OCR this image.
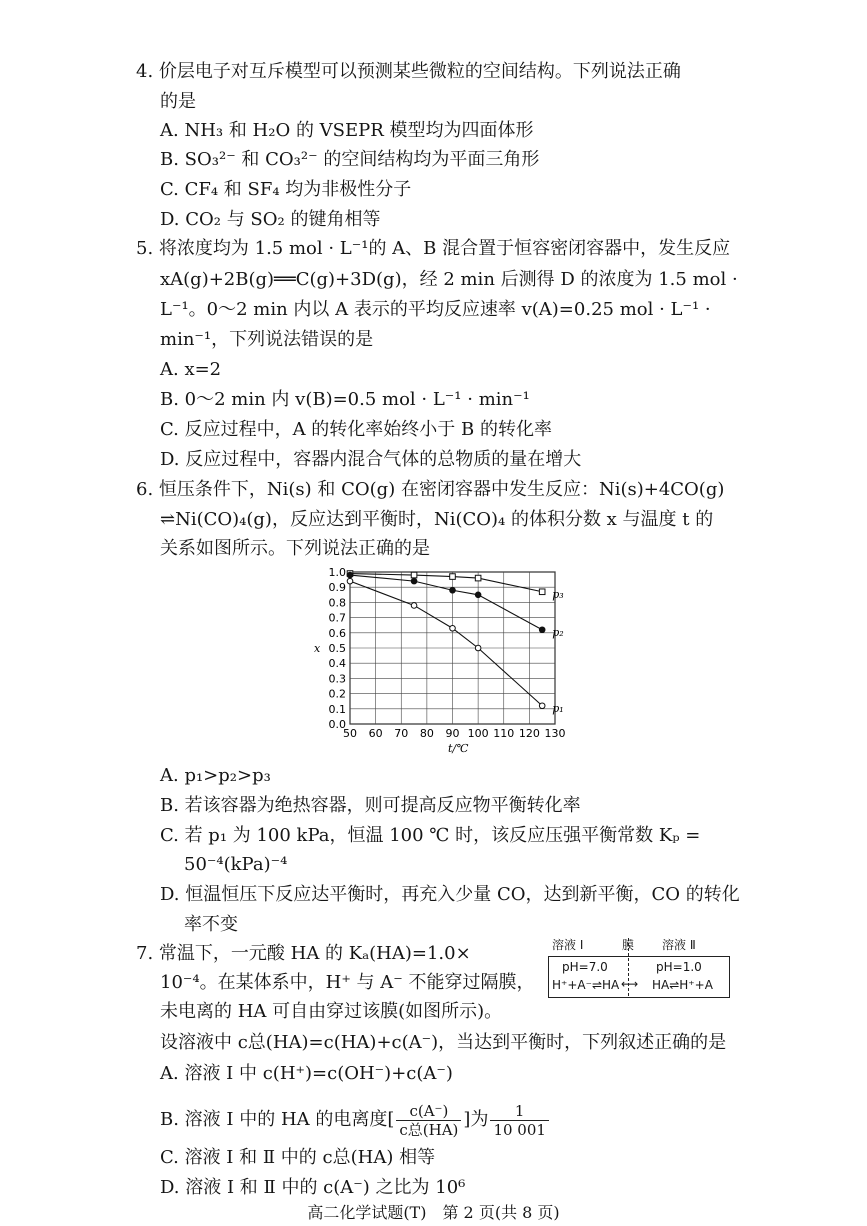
4. 价层电子对互斥模型可以预测某些微粒的空间结构。下列说法正确
的是
A. NH₃ 和 H₂O 的 VSEPR 模型均为四面体形
B. SO₃²⁻ 和 CO₃²⁻ 的空间结构均为平面三角形
C. CF₄ 和 SF₄ 均为非极性分子
D. CO₂ 与 SO₂ 的键角相等
5. 将浓度均为 1.5 mol · L⁻¹的 A、B 混合置于恒容密闭容器中，发生反应
xA(g)+2B(g)══C(g)+3D(g)，经 2 min 后测得 D 的浓度为 1.5 mol ·
L⁻¹。0～2 min 内以 A 表示的平均反应速率 v(A)=0.25 mol · L⁻¹ ·
min⁻¹，下列说法错误的是
A. x=2
B. 0～2 min 内 v(B)=0.5 mol · L⁻¹ · min⁻¹
C. 反应过程中，A 的转化率始终小于 B 的转化率
D. 反应过程中，容器内混合气体的总物质的量在增大
6. 恒压条件下，Ni(s) 和 CO(g) 在密闭容器中发生反应：Ni(s)+4CO(g)
⇌Ni(CO)₄(g)，反应达到平衡时，Ni(CO)₄ 的体积分数 x 与温度 t 的
关系如图所示。下列说法正确的是
0.0
0.1
0.2
0.3
0.4
0.5
0.6
0.7
0.8
0.9
1.0
50 60 70 80 90 100 110 120 130
p₃
p₂
p₁
x
t/℃
A. p₁>p₂>p₃
B. 若该容器为绝热容器，则可提高反应物平衡转化率
C. 若 p₁ 为 100 kPa，恒温 100 ℃ 时，该反应压强平衡常数 Kₚ =
50⁻⁴(kPa)⁻⁴
D. 恒温恒压下反应达平衡时，再充入少量 CO，达到新平衡，CO 的转化
率不变
7. 常温下，一元酸 HA 的 Kₐ(HA)=1.0×
10⁻⁴。在某体系中，H⁺ 与 A⁻ 不能穿过隔膜，
未电离的 HA 可自由穿过该膜(如图所示)。
溶液 Ⅰ	膜 溶液 Ⅱ
pH=7.0	pH=1.0
H⁺+A⁻⇌HA ⟷ HA⇌H⁺+A
设溶液中 c总(HA)=c(HA)+c(A⁻)，当达到平衡时，下列叙述正确的是
A. 溶液 Ⅰ 中 c(H⁺)=c(OH⁻)+c(A⁻)
B. 溶液 Ⅰ 中的 HA 的电离度[ $\frac{c(A^-)}{\text{c总(HA)}}$ ]为 $\frac{1}{10 001}$
C. 溶液 Ⅰ 和 Ⅱ 中的 c总(HA) 相等
D. 溶液 Ⅰ 和 Ⅱ 中的 c(A⁻) 之比为 10⁶
高二化学试题(T)　第 2 页(共 8 页)
